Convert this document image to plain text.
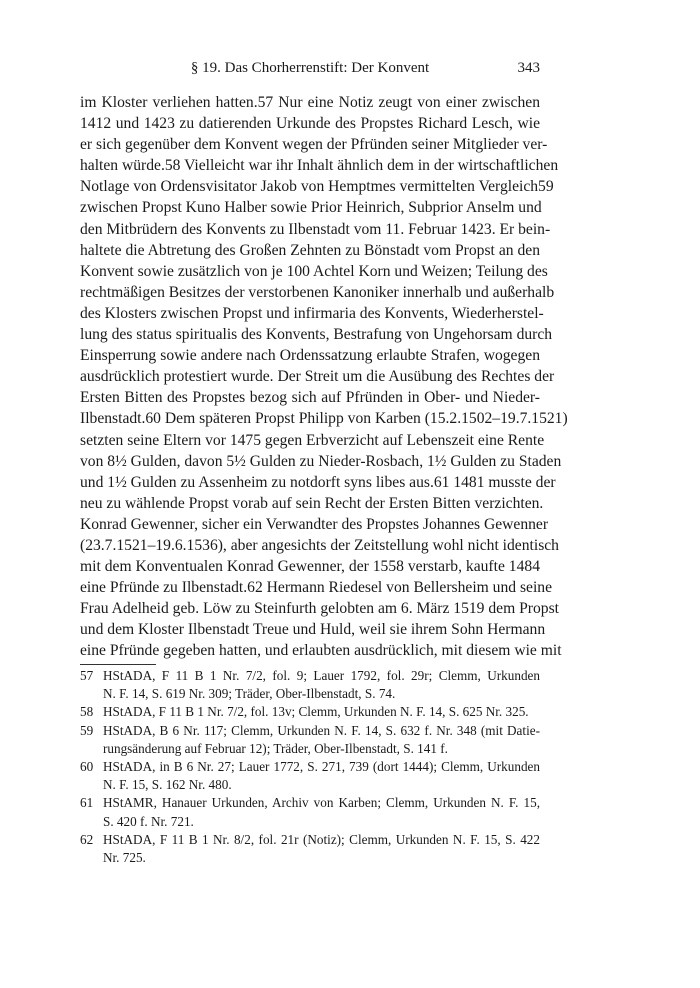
§ 19. Das Chorherrenstift: Der Konvent	343
im Kloster verliehen hatten.57 Nur eine Notiz zeugt von einer zwischen
1412 und 1423 zu datierenden Urkunde des Propstes Richard Lesch, wie
er sich gegenüber dem Konvent wegen der Pfründen seiner Mitglieder ver-
halten würde.58 Vielleicht war ihr Inhalt ähnlich dem in der wirtschaftlichen
Notlage von Ordensvisitator Jakob von Hemptmes vermittelten Vergleich59
zwischen Propst Kuno Halber sowie Prior Heinrich, Subprior Anselm und
den Mitbrüdern des Konvents zu Ilbenstadt vom 11. Februar 1423. Er bein-
haltete die Abtretung des Großen Zehnten zu Bönstadt vom Propst an den
Konvent sowie zusätzlich von je 100 Achtel Korn und Weizen; Teilung des
rechtmäßigen Besitzes der verstorbenen Kanoniker innerhalb und außerhalb
des Klosters zwischen Propst und infirmaria des Konvents, Wiederherstel-
lung des status spiritualis des Konvents, Bestrafung von Ungehorsam durch
Einsperrung sowie andere nach Ordenssatzung erlaubte Strafen, wogegen
ausdrücklich protestiert wurde. Der Streit um die Ausübung des Rechtes der
Ersten Bitten des Propstes bezog sich auf Pfründen in Ober- und Nieder-
Ilbenstadt.60 Dem späteren Propst Philipp von Karben (15.2.1502–19.7.1521)
setzten seine Eltern vor 1475 gegen Erbverzicht auf Lebenszeit eine Rente
von 8½ Gulden, davon 5½ Gulden zu Nieder-Rosbach, 1½ Gulden zu Staden
und 1½ Gulden zu Assenheim zu notdorft syns libes aus.61 1481 musste der
neu zu wählende Propst vorab auf sein Recht der Ersten Bitten verzichten.
Konrad Gewenner, sicher ein Verwandter des Propstes Johannes Gewenner
(23.7.1521–19.6.1536), aber angesichts der Zeitstellung wohl nicht identisch
mit dem Konventualen Konrad Gewenner, der 1558 verstarb, kaufte 1484
eine Pfründe zu Ilbenstadt.62 Hermann Riedesel von Bellersheim und seine
Frau Adelheid geb. Löw zu Steinfurth gelobten am 6. März 1519 dem Propst
und dem Kloster Ilbenstadt Treue und Huld, weil sie ihrem Sohn Hermann
eine Pfründe gegeben hatten, und erlaubten ausdrücklich, mit diesem wie mit
57 HStADA, F 11 B 1 Nr. 7/2, fol. 9; Lauer 1792, fol. 29r; Clemm, Urkunden
N. F. 14, S. 619 Nr. 309; Träder, Ober-Ilbenstadt, S. 74.
58 HStADA, F 11 B 1 Nr. 7/2, fol. 13v; Clemm, Urkunden N. F. 14, S. 625 Nr. 325.
59 HStADA, B 6 Nr. 117; Clemm, Urkunden N. F. 14, S. 632 f. Nr. 348 (mit Datie-
rungsänderung auf Februar 12); Träder, Ober-Ilbenstadt, S. 141 f.
60 HStADA, in B 6 Nr. 27; Lauer 1772, S. 271, 739 (dort 1444); Clemm, Urkunden
N. F. 15, S. 162 Nr. 480.
61 HStAMR, Hanauer Urkunden, Archiv von Karben; Clemm, Urkunden N. F. 15,
S. 420 f. Nr. 721.
62 HStADA, F 11 B 1 Nr. 8/2, fol. 21r (Notiz); Clemm, Urkunden N. F. 15, S. 422
Nr. 725.
